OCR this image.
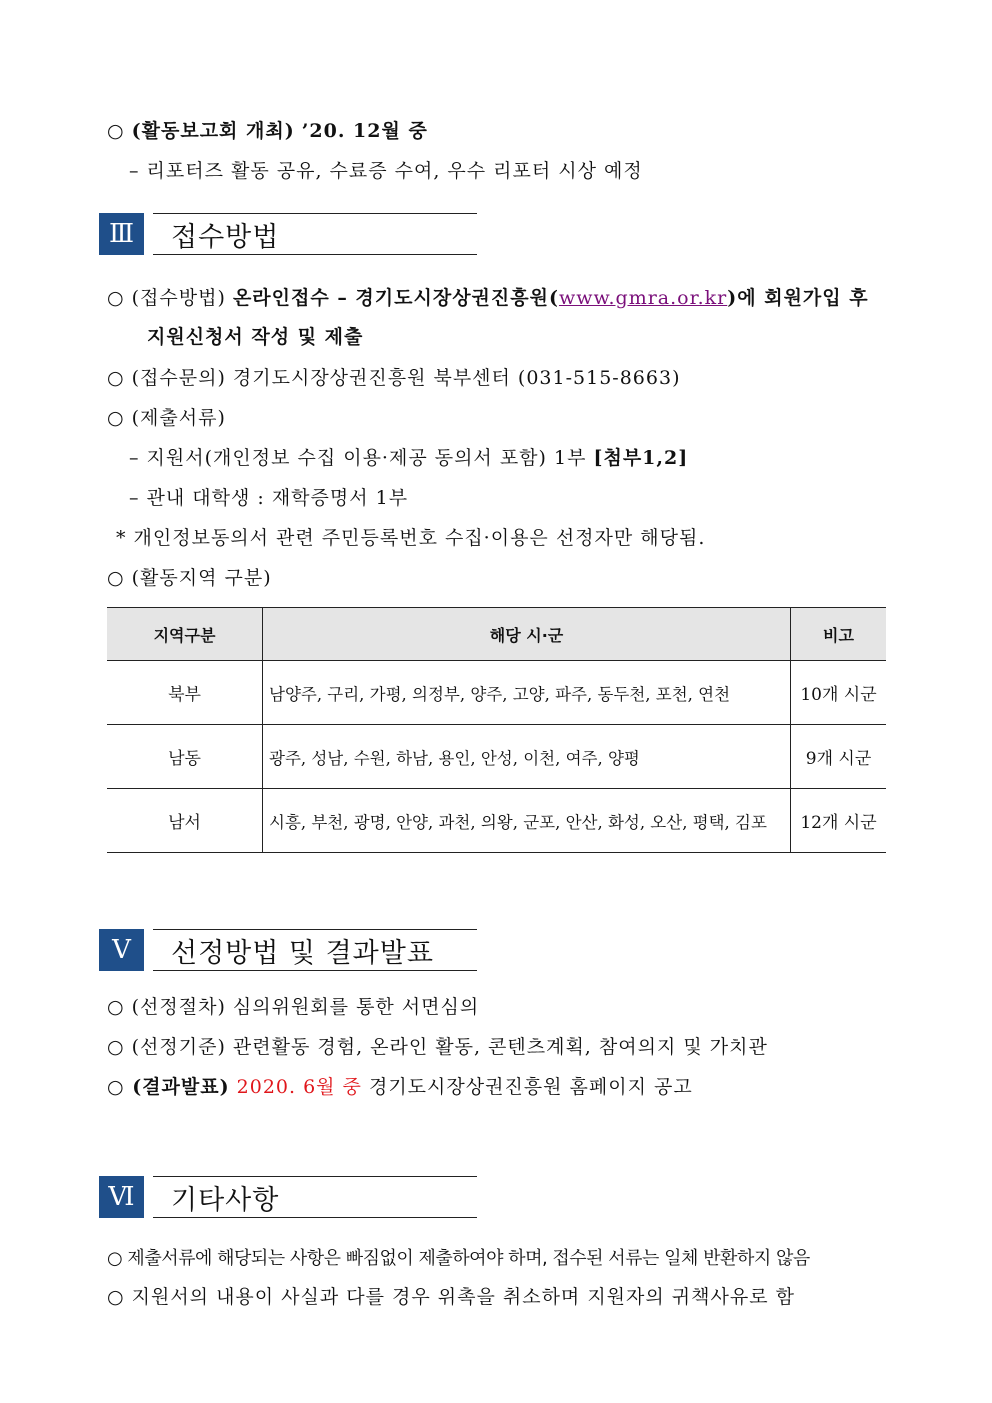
○ (활동보고회 개최) ’20. 12월 중
– 리포터즈 활동 공유, 수료증 수여, 우수 리포터 시상 예정
Ⅲ	접수방법
○ (접수방법) 온라인접수 – 경기도시장상권진흥원(www.gmra.or.kr)에 회원가입 후
지원신청서 작성 및 제출
○ (접수문의) 경기도시장상권진흥원 북부센터 (031-515-8663)
○ (제출서류)
– 지원서(개인정보 수집 이용·제공 동의서 포함) 1부 [첨부1,2]
– 관내 대학생 : 재학증명서 1부
* 개인정보동의서 관련 주민등록번호 수집·이용은 선정자만 해당됨.
○ (활동지역 구분)
지역구분	해당 시·군	비고
북부	남양주, 구리, 가평, 의정부, 양주, 고양, 파주, 동두천, 포천, 연천	10개 시군
남동	광주, 성남, 수원, 하남, 용인, 안성, 이천, 여주, 양평	9개 시군
남서	시흥, 부천, 광명, 안양, 과천, 의왕, 군포, 안산, 화성, 오산, 평택, 김포	12개 시군
Ⅴ	선정방법 및 결과발표
○ (선정절차) 심의위원회를 통한 서면심의
○ (선정기준) 관련활동 경험, 온라인 활동, 콘텐츠계획, 참여의지 및 가치관
○ (결과발표) 2020. 6월 중 경기도시장상권진흥원 홈페이지 공고
Ⅵ	기타사항
○ 제출서류에 해당되는 사항은 빠짐없이 제출하여야 하며, 접수된 서류는 일체 반환하지 않음
○ 지원서의 내용이 사실과 다를 경우 위촉을 취소하며 지원자의 귀책사유로 함
